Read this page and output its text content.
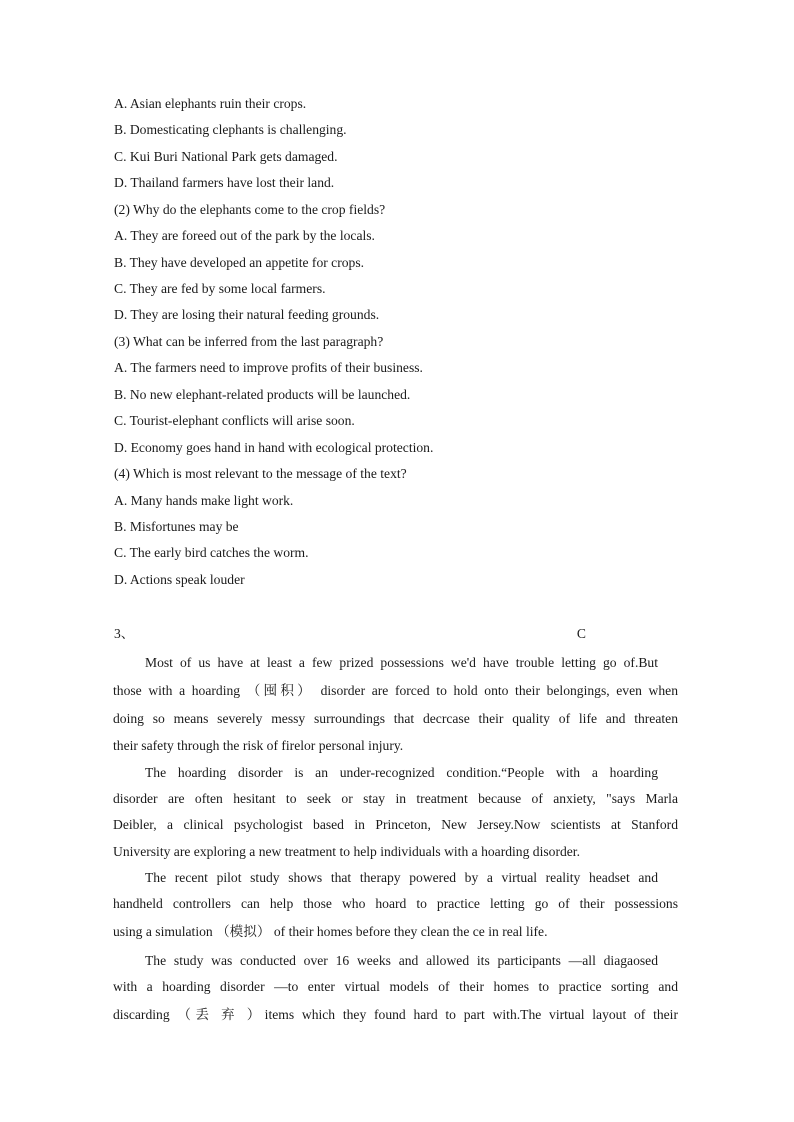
A. Asian elephants ruin their crops.
B. Domesticating clephants is challenging.
C. Kui Buri National Park gets damaged.
D. Thailand farmers have lost their land.
(2) Why do the elephants come to the crop fields?
A. They are foreed out of the park by the locals.
B. They have developed an appetite for crops.
C. They are fed by some local farmers.
D. They are losing their natural feeding grounds.
(3) What can be inferred from the last paragraph?
A. The farmers need to improve profits of their business.
B. No new elephant-related products will be launched.
C. Tourist-elephant conflicts will arise soon.
D. Economy goes hand in hand with ecological protection.
(4) Which is most relevant to the message of the text?
A. Many hands make light work.
B. Misfortunes may be
C. The early bird catches the worm.
D. Actions speak louder
3、	C
Most of us have at least a few prized possessions we'd have trouble letting go of.But
those with a hoarding （囤积） disorder are forced to hold onto their belongings, even when
doing so means severely messy surroundings that decrcase their quality of life and threaten
their safety through the risk of firelor personal injury.
The hoarding disorder is an under-recognized condition.“People with a hoarding
disorder are often hesitant to seek or stay in treatment because of anxiety, "says Marla
Deibler, a clinical psychologist based in Princeton, New Jersey.Now scientists at Stanford
University are exploring a new treatment to help individuals with a hoarding disorder.
The recent pilot study shows that therapy powered by a virtual reality headset and
handheld controllers can help those who hoard to practice letting go of their possessions
using a simulation （模拟） of their homes before they clean the ce in real life.
The study was conducted over 16 weeks and allowed its participants —all diagaosed
with a hoarding disorder —to enter virtual models of their homes to practice sorting and
discarding （丢 弃 ）items which they found hard to part with.The virtual layout of their
